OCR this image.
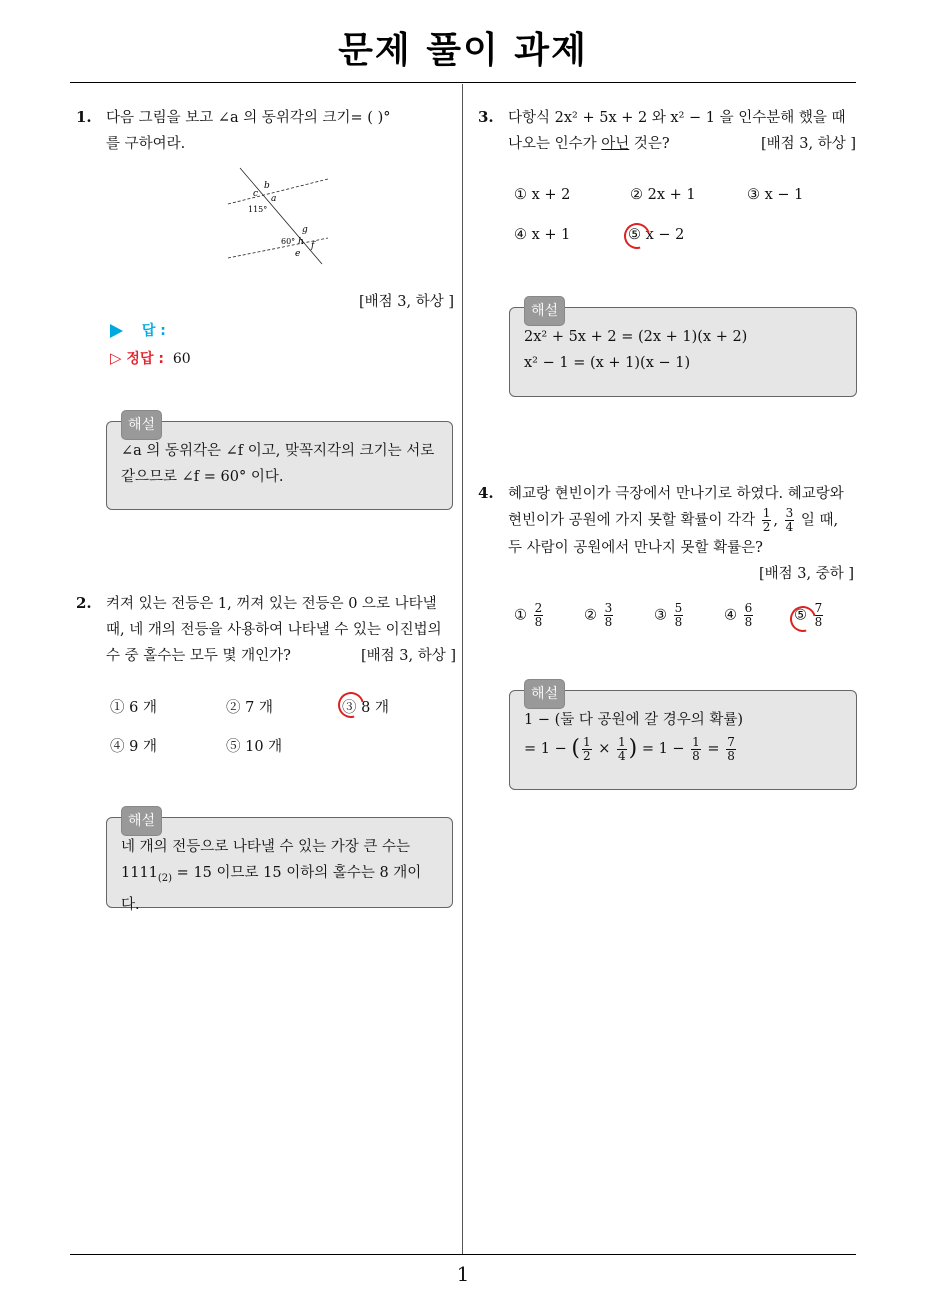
문제 풀이 과제
1
1. 다음 그림을 보고 ∠a 의 동위각의 크기= ( )°
를 구하여라.
b
c a
115°
g
60° h f
e
[배점 3, 하상 ]
답 :
▷ 정답 : 60
해설
∠a 의 동위각은 ∠f 이고, 맞꼭지각의 크기는 서로
같으므로 ∠f = 60° 이다.
2. 켜져 있는 전등은 1, 꺼져 있는 전등은 0 으로 나타낼
때, 네 개의 전등을 사용하여 나타낼 수 있는 이진법의
수 중 홀수는 모두 몇 개인가?	[배점 3, 하상 ]
① 6 개	② 7 개	③ 8 개
④ 9 개	⑤ 10 개
해설
네 개의 전등으로 나타낼 수 있는 가장 큰 수는
$1111_{(2)} = 15$ 이므로 15 이하의 홀수는 8 개이다.
3. 다항식 2x² + 5x + 2 와 x² − 1 을 인수분해 했을 때
나오는 인수가 아닌 것은?	[배점 3, 하상 ]
① x + 2	② 2x + 1	③ x − 1
④ x + 1	⑤ x − 2
해설
2x² + 5x + 2 = (2x + 1)(x + 2)
x² − 1 = (x + 1)(x − 1)
4. 혜교랑 현빈이가 극장에서 만나기로 하였다. 혜교랑와
현빈이가 공원에 가지 못할 확률이 각각 $\frac{1}{2}$ , $\frac{3}{4}$ 일 때,
두 사람이 공원에서 만나지 못할 확률은?
[배점 3, 중하 ]
① $\frac{2}{8}$	② $\frac{3}{8}$	③ $\frac{5}{8}$	④ $\frac{6}{8}$	⑤ $\frac{7}{8}$
해설
1 − (둘 다 공원에 갈 경우의 확률)
= 1 − ( $\frac{1}{2} \times \frac{1}{4}$ ) = $1 - \frac{1}{8} = \frac{7}{8}$
